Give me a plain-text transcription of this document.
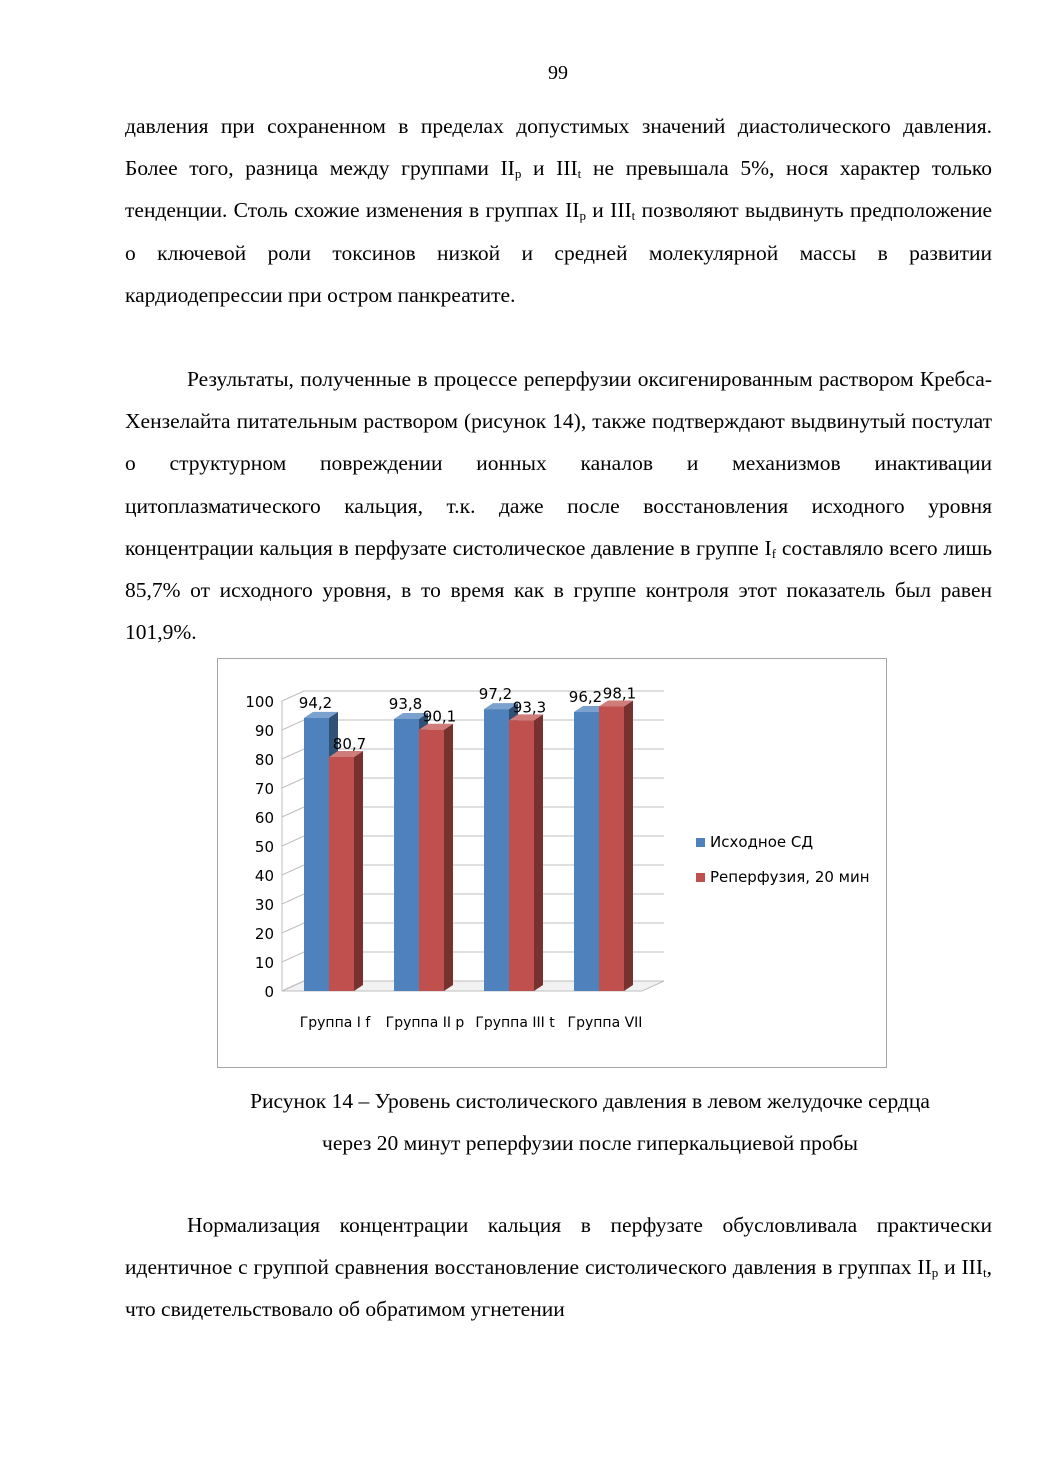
99
давления при сохраненном в пределах допустимых значений диастолического давления. Более того, разница между группами $II_р$ и $III_t$ не превышала 5%, нося характер только тенденции. Столь схожие изменения в группах $II_р$ и $III_t$ позволяют выдвинуть предположение о ключевой роли токсинов низкой и средней молекулярной массы в развитии кардиодепрессии при остром панкреатите.
Результаты, полученные в процессе реперфузии оксигенированным раствором Кребса-Хензелайта питательным раствором (рисунок 14), также подтверждают выдвинутый постулат о структурном повреждении ионных каналов и механизмов инактивации цитоплазматического кальция, т.к. даже после восстановления исходного уровня концентрации кальция в перфузате систолическое давление в группе $I_f$ составляло всего лишь 85,7% от исходного уровня, в то время как в группе контроля этот показатель был равен 101,9%.
0
10
20
30
40
50
60
70
80
90
100 94,2
80,7
Группа I f
93,8
90,1
Группа II р
97,2
93,3
Группа III t
96,2 98,1
Группа VII
Исходное СД
Реперфузия, 20 мин
Рисунок 14 – Уровень систолического давления в левом желудочке сердца
через 20 минут реперфузии после гиперкальциевой пробы
Нормализация концентрации кальция в перфузате обусловливала практически идентичное с группой сравнения восстановление систолического давления в группах $II_р$ и $III_t$, что свидетельствовало об обратимом угнетении
